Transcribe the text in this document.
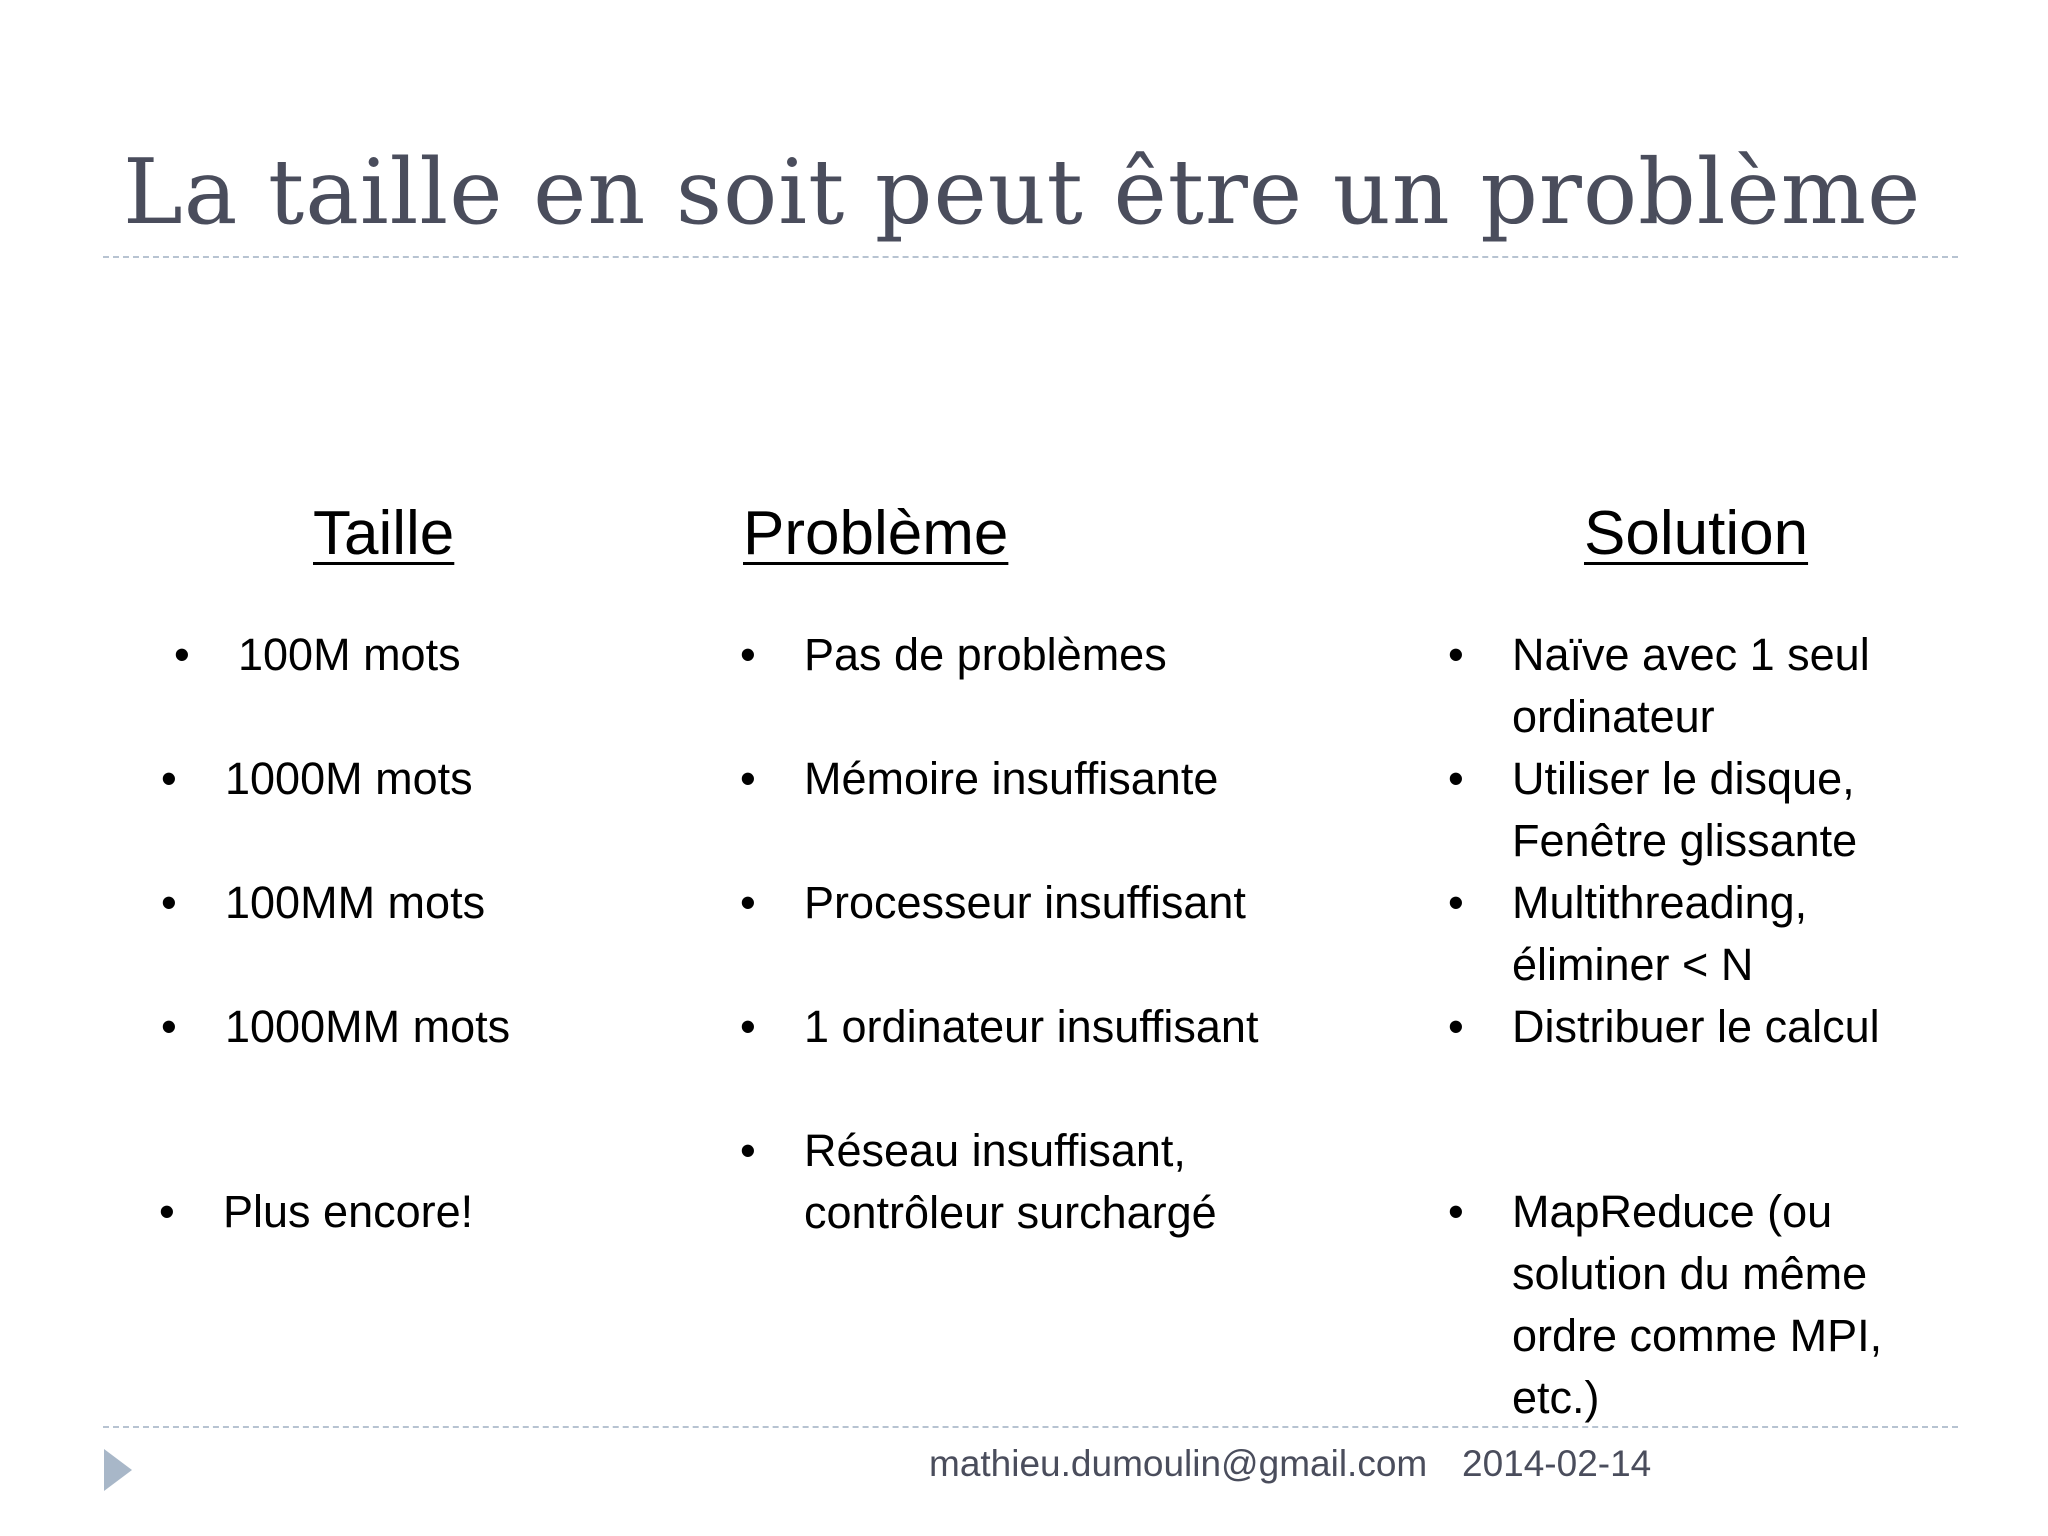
La taille en soit peut être un problème
Taille	Problème	Solution
• 100M mots
• 1000M mots
• 100MM mots
• 1000MM mots
• Plus encore!
• Pas de problèmes
• Mémoire insuffisante
• Processeur insuffisant
• 1 ordinateur insuffisant
• Réseau insuffisant,
contrôleur surchargé
• Naïve avec 1 seul
ordinateur
• Utiliser le disque,
Fenêtre glissante
• Multithreading,
éliminer < N
• Distribuer le calcul
• MapReduce (ou
solution du même
ordre comme MPI,
etc.)
mathieu.dumoulin@gmail.com 2014-02-14
